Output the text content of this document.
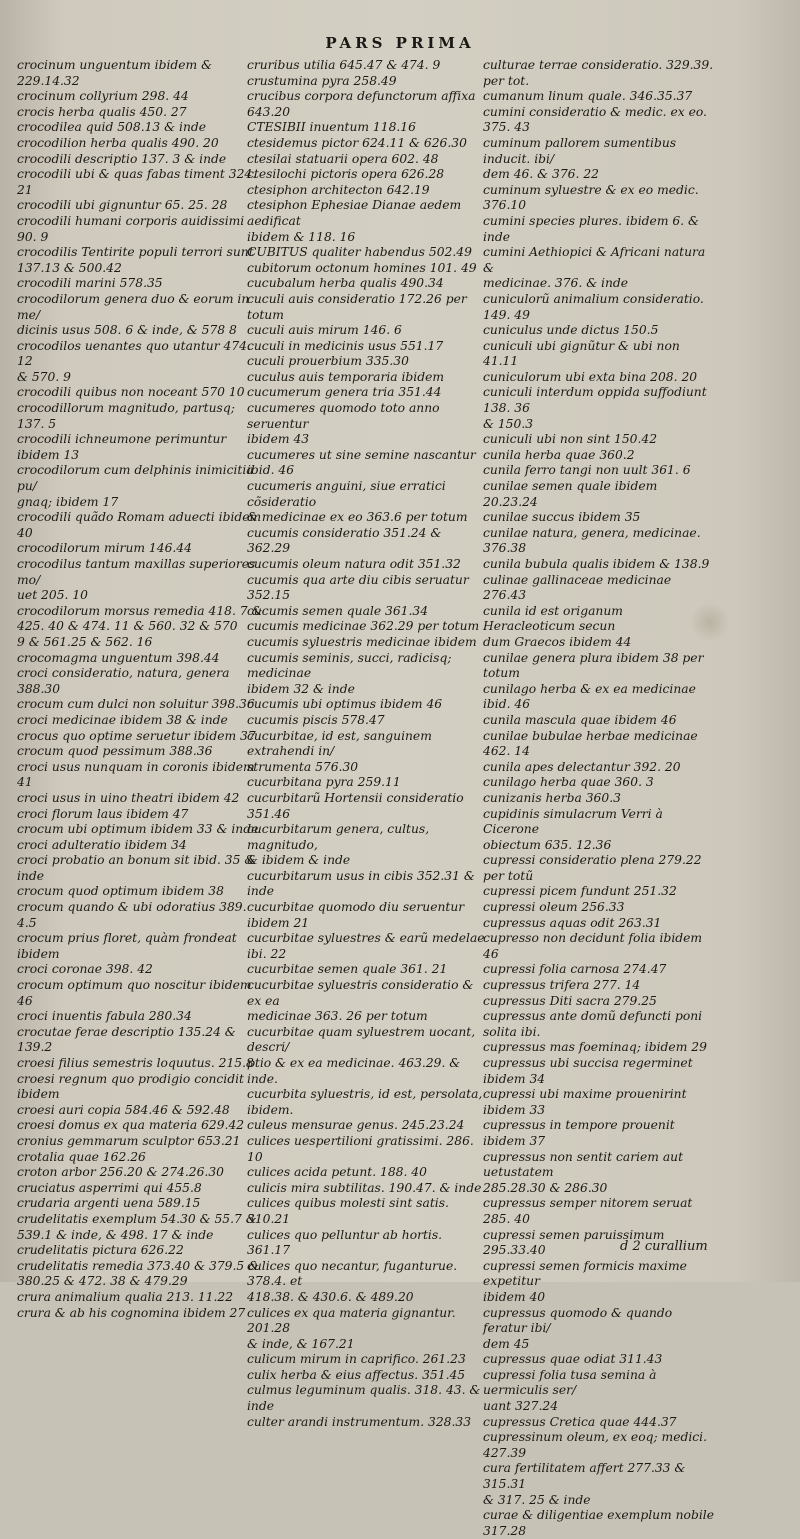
PARS PRIMA
crocinum unguentum ibidem & 229.14.32
crocinum collyrium 298. 44
crocis herba qualis 450. 27
crocodilea quid 508.13 & inde
crocodilion herba qualis 490. 20
crocodili descriptio 137. 3 & inde
crocodili ubi & quas fabas timent 324. 21
crocodili ubi gignuntur 65. 25. 28
crocodili humani corporis auidissimi 90. 9
crocodilis Tentirite populi terrori sunt
137.13 & 500.42
crocodili marini 578.35
crocodilorum genera duo & eorum in me/
dicinis usus 508. 6 & inde, & 578 8
crocodilos uenantes quo utantur 474. 12
& 570. 9
crocodili quibus non noceant 570 10
crocodillorum magnitudo, partusq; 137. 5
crocodili ichneumone perimuntur ibidem 13
crocodilorum cum delphinis inimicitia pu/
gnaq; ibidem 17
crocodili quãdo Romam aduecti ibidem 40
crocodilorum mirum 146.44
crocodilus tantum maxillas superiores mo/
uet 205. 10
crocodilorum morsus remedia 418. 7 &
425. 40 & 474. 11 & 560. 32 & 570
9 & 561.25 & 562. 16
crocomagma unguentum 398.44
croci consideratio, natura, genera 388.30
crocum cum dulci non soluitur 398.36
croci medicinae ibidem 38 & inde
crocus quo optime seruetur ibidem 37
crocum quod pessimum 388.36
croci usus nunquam in coronis ibidem 41
croci usus in uino theatri ibidem 42
croci florum laus ibidem 47
crocum ubi optimum ibidem 33 & inde
croci adulteratio ibidem 34
croci probatio an bonum sit ibid. 35 & inde
crocum quod optimum ibidem 38
crocum quando & ubi odoratius 389. 4.5
crocum prius floret, quàm frondeat ibidem
croci coronae 398. 42
crocum optimum quo noscitur ibidem 46
croci inuentis fabula 280.34
crocutae ferae descriptio 135.24 & 139.2
croesi filius semestris loquutus. 215.8
croesi regnum quo prodigio concidit ibidem
croesi auri copia 584.46 & 592.48
croesi domus ex qua materia 629.42
cronius gemmarum sculptor 653.21
crotalia quae 162.26
croton arbor 256.20 & 274.26.30
cruciatus asperrimi qui 455.8
crudaria argenti uena 589.15
crudelitatis exemplum 54.30 & 55.7 &
539.1 & inde, & 498. 17 & inde
crudelitatis pictura 626.22
crudelitatis remedia 373.40 & 379.5 &
380.25 & 472. 38 & 479.29
crura animalium qualia 213. 11.22
crura & ab his cognomina ibidem 27
cruribus utilia 645.47 & 474. 9
crustumina pyra 258.49
crucibus corpora defunctorum affixa 643.20
CTESIBII inuentum 118.16
ctesidemus pictor 624.11 & 626.30
ctesilai statuarii opera 602. 48
ctesilochi pictoris opera 626.28
ctesiphon architecton 642.19
ctesiphon Ephesiae Dianae aedem aedificat
ibidem & 118. 16
CUBITUS qualiter habendus 502.49
cubitorum octonum homines 101. 49
cucubalum herba qualis 490.34
cuculi auis consideratio 172.26 per totum
cuculi auis mirum 146. 6
cuculi in medicinis usus 551.17
cuculi prouerbium 335.30
cuculus auis temporaria ibidem
cucumerum genera tria 351.44
cucumeres quomodo toto anno seruentur
ibidem 43
cucumeres ut sine semine nascantur ibid. 46
cucumeris anguini, siue erratici cõsideratio
& medicinae ex eo 363.6 per totum
cucumis consideratio 351.24 & 362.29
cucumis oleum natura odit 351.32
cucumis qua arte diu cibis seruatur 352.15
cucumis semen quale 361.34
cucumis medicinae 362.29 per totum
cucumis syluestris medicinae ibidem
cucumis seminis, succi, radicisq; medicinae
ibidem 32 & inde
cucumis ubi optimus ibidem 46
cucumis piscis 578.47
cucurbitae, id est, sanguinem extrahendi in/
strumenta 576.30
cucurbitana pyra 259.11
cucurbitarũ Hortensii consideratio 351.46
cucurbitarum genera, cultus, magnitudo,
& ibidem & inde
cucurbitarum usus in cibis 352.31 & inde
cucurbitae quomodo diu seruentur ibidem 21
cucurbitae syluestres & earũ medelae ibi. 22
cucurbitae semen quale 361. 21
cucurbitae syluestris consideratio & ex ea
medicinae 363. 26 per totum
cucurbitae quam syluestrem uocant, descri/
ptio & ex ea medicinae. 463.29. & inde.
cucurbita syluestris, id est, persolata, ibidem.
culeus mensurae genus. 245.23.24
culices uespertilioni gratissimi. 286. 10
culices acida petunt. 188. 40
culicis mira subtilitas. 190.47. & inde
culices quibus molesti sint satis. 310.21
culices quo pelluntur ab hortis. 361.17
culices quo necantur, fuganturue. 378.4. et
418.38. & 430.6. & 489.20
culices ex qua materia gignantur. 201.28
& inde, & 167.21
culicum mirum in caprifico. 261.23
culix herba & eius affectus. 351.45
culmus leguminum qualis. 318. 43. & inde
culter arandi instrumentum. 328.33
culturae terrae consideratio. 329.39. per tot.
cumanum linum quale. 346.35.37
cumini consideratio & medic. ex eo. 375. 43
cuminum pallorem sumentibus inducit. ibi/
dem 46. & 376. 22
cuminum syluestre & ex eo medic. 376.10
cumini species plures. ibidem 6. & inde
cumini Aethiopici & Africani natura &
medicinae. 376. & inde
cuniculorũ animalium consideratio. 149. 49
cuniculus unde dictus 150.5
cuniculi ubi gignũtur & ubi non 41.11
cuniculorum ubi exta bina 208. 20
cuniculi interdum oppida suffodiunt 138. 36
& 150.3
cuniculi ubi non sint 150.42
cunila herba quae 360.2
cunila ferro tangi non uult 361. 6
cunilae semen quale ibidem 20.23.24
cunilae succus ibidem 35
cunilae natura, genera, medicinae. 376.38
cunila bubula qualis ibidem & 138.9
culinae gallinaceae medicinae 276.43
cunila id est origanum Heracleoticum secun
dum Graecos ibidem 44
cunilae genera plura ibidem 38 per totum
cunilago herba & ex ea medicinae ibid. 46
cunila mascula quae ibidem 46
cunilae bubulae herbae medicinae 462. 14
cunila apes delectantur 392. 20
cunilago herba quae 360. 3
cunizanis herba 360.3
cupidinis simulacrum Verri à Cicerone
obiectum 635. 12.36
cupressi consideratio plena 279.22 per totũ
cupressi picem fundunt 251.32
cupressi oleum 256.33
cupressus aquas odit 263.31
cupresso non decidunt folia ibidem 46
cupressi folia carnosa 274.47
cupressus trifera 277. 14
cupressus Diti sacra 279.25
cupressus ante domũ defuncti poni solita ibi.
cupressus mas foeminaq; ibidem 29
cupressus ubi succisa regerminet ibidem 34
cupressi ubi maxime prouenirint ibidem 33
cupressus in tempore prouenit ibidem 37
cupressus non sentit cariem aut uetustatem
285.28.30 & 286.30
cupressus semper nitorem seruat 285. 40
cupressi semen paruissimum 295.33.40
cupressi semen formicis maxime expetitur
ibidem 40
cupressus quomodo & quando feratur ibi/
dem 45
cupressus quae odiat 311.43
cupressi folia tusa semina à uermiculis ser/
uant 327.24
cupressus Cretica quae 444.37
cupressinum oleum, ex eoq; medici. 427.39
cura fertilitatem affert 277.33 & 315.31
& 317. 25 & inde
curae & diligentiae exemplum nobile 317.28
d 2 curallium
